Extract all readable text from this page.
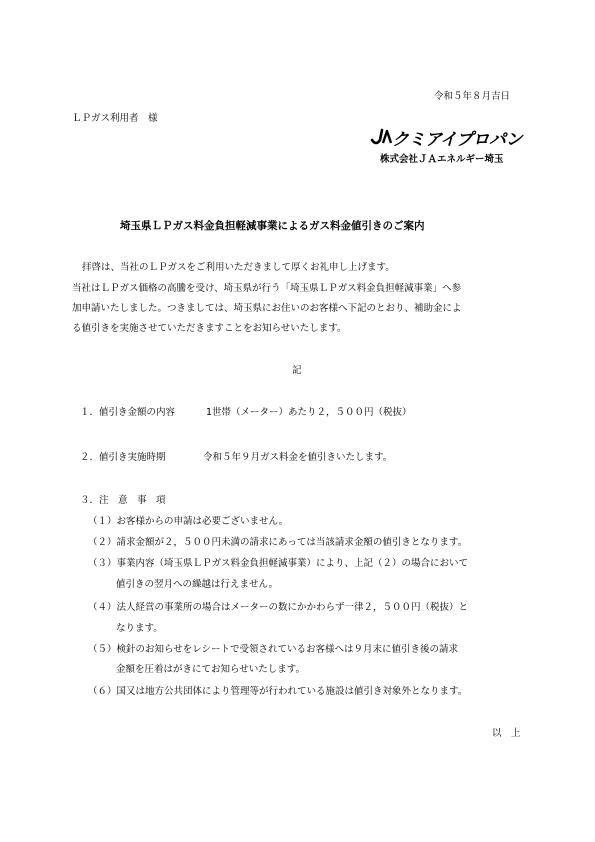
令和５年８月吉日
ＬＰガス利用者　様
クミアイプロパン
株式会社ＪＡエネルギー埼玉
埼玉県ＬＰガス料金負担軽減事業によるガス料金値引きのご案内
拝啓は、当社のＬＰガスをご利用いただきまして厚くお礼申し上げます。
当社はＬＰガス価格の高騰を受け、埼玉県が行う「埼玉県ＬＰガス料金負担軽減事業」へ参
加申請いたしました。つきましては、埼玉県にお住いのお客様へ下記のとおり、補助金によ
る値引きを実施させていただきますことをお知らせいたします。
記
１．値引き金額の内容	1世帯（メーター）あたり２，５００円（税抜）
２．値引き実施時期	令和５年９月ガス料金を値引きいたします。
３．注　意　事　項
（１）お客様からの申請は必要ございません。
（２）請求金額が２，５００円未満の請求にあっては当該請求金額の値引きとなります。
（３）事業内容（埼玉県ＬＰガス料金負担軽減事業）により、上記（２）の場合において
値引きの翌月への繰越は行えません。
（４）法人経営の事業所の場合はメーターの数にかかわらず一律２，５００円（税抜）と
なります。
（５）検針のお知らせをレシートで受領されているお客様へは９月末に値引き後の請求
金額を圧着はがきにてお知らせいたします。
（６）国又は地方公共団体により管理等が行われている施設は値引き対象外となります。
以　上
